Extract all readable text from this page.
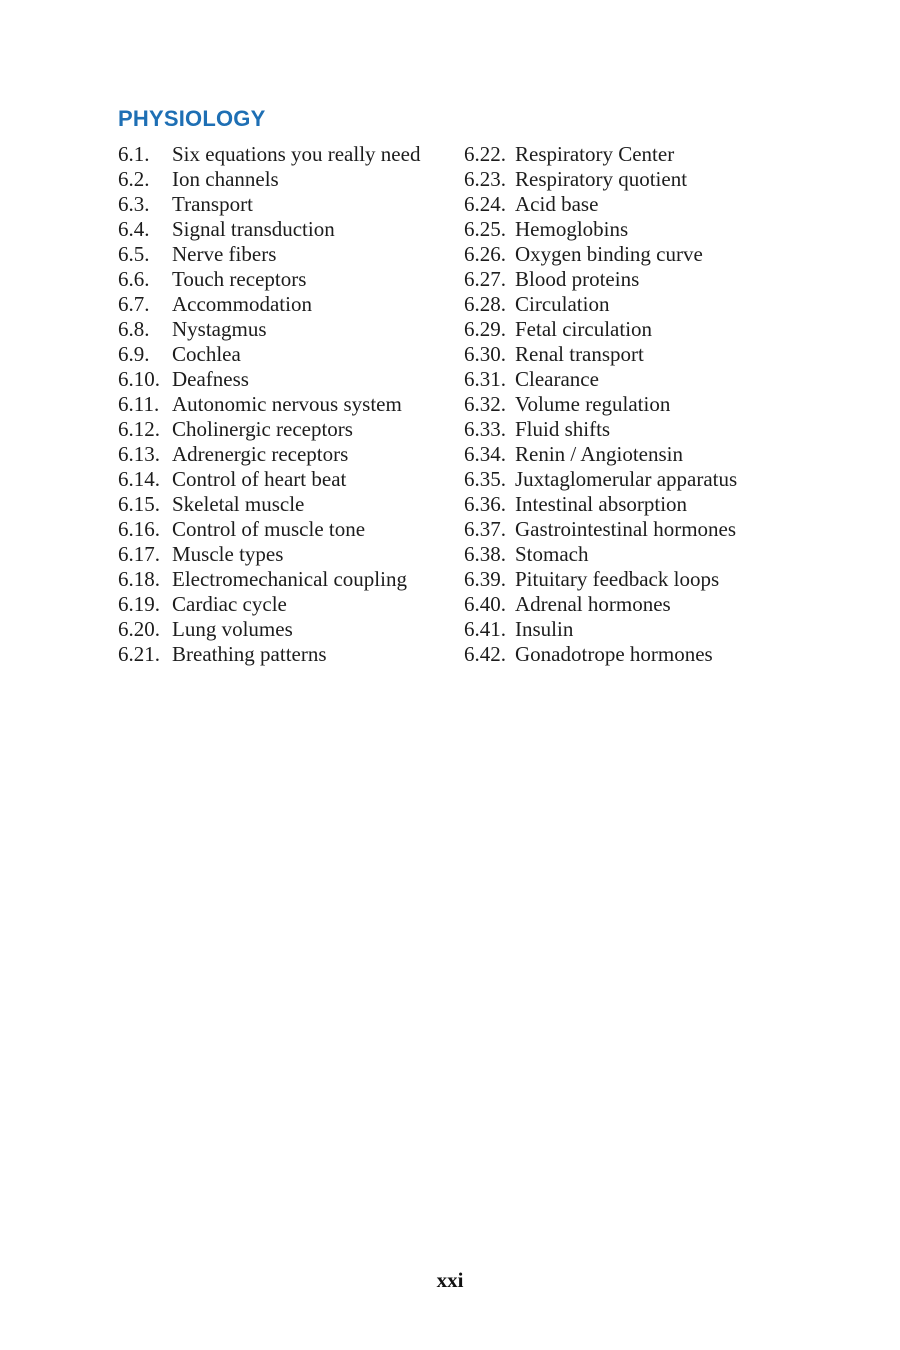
PHYSIOLOGY
6.1.	Six equations you really need
6.2.	Ion channels
6.3.	Transport
6.4.	Signal transduction
6.5.	Nerve fibers
6.6.	Touch receptors
6.7.	Accommodation
6.8.	Nystagmus
6.9.	Cochlea
6.10. Deafness
6.11. Autonomic nervous system
6.12. Cholinergic receptors
6.13. Adrenergic receptors
6.14. Control of heart beat
6.15. Skeletal muscle
6.16. Control of muscle tone
6.17. Muscle types
6.18. Electromechanical coupling
6.19. Cardiac cycle
6.20. Lung volumes
6.21. Breathing patterns
6.22. Respiratory Center
6.23. Respiratory quotient
6.24. Acid base
6.25. Hemoglobins
6.26. Oxygen binding curve
6.27. Blood proteins
6.28. Circulation
6.29. Fetal circulation
6.30. Renal transport
6.31. Clearance
6.32. Volume regulation
6.33. Fluid shifts
6.34. Renin / Angiotensin
6.35. Juxtaglomerular apparatus
6.36. Intestinal absorption
6.37. Gastrointestinal hormones
6.38. Stomach
6.39. Pituitary feedback loops
6.40. Adrenal hormones
6.41. Insulin
6.42. Gonadotrope hormones
xxi
